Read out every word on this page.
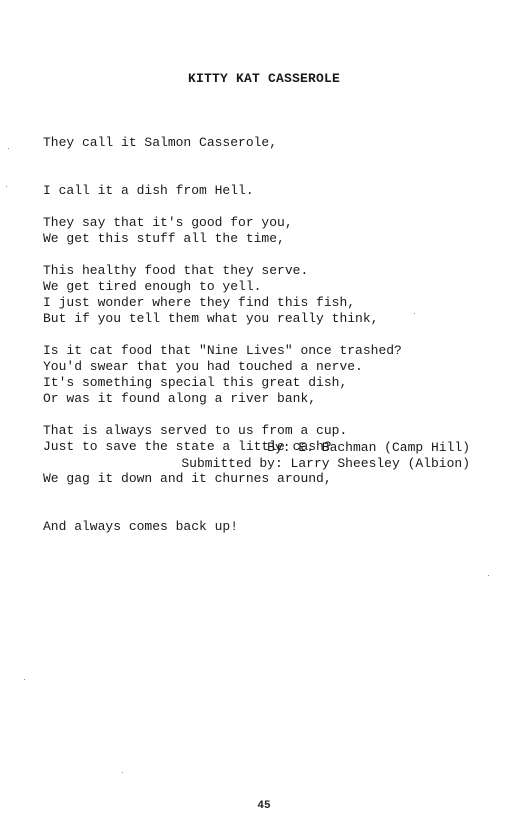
KITTY KAT CASSEROLE

They call it Salmon Casserole,

I call it a dish from Hell.

We get this stuff all the time,

We get tired enough to yell.

They say that it's good for you,

This healthy food that they serve.

But if you tell them what you really think,

You'd swear that you had touched a nerve.

I just wonder where they find this fish,

Is it cat food that "Nine Lives" once trashed?

Or was it found along a river bank,

Just to save the state a little cash?

It's something special this great dish,

That is always served to us from a cup.

We gag it down and it churnes around,

And always comes back up!

By: E. Bachman (Camp Hill)
Submitted by: Larry Sheesley (Albion)
45
